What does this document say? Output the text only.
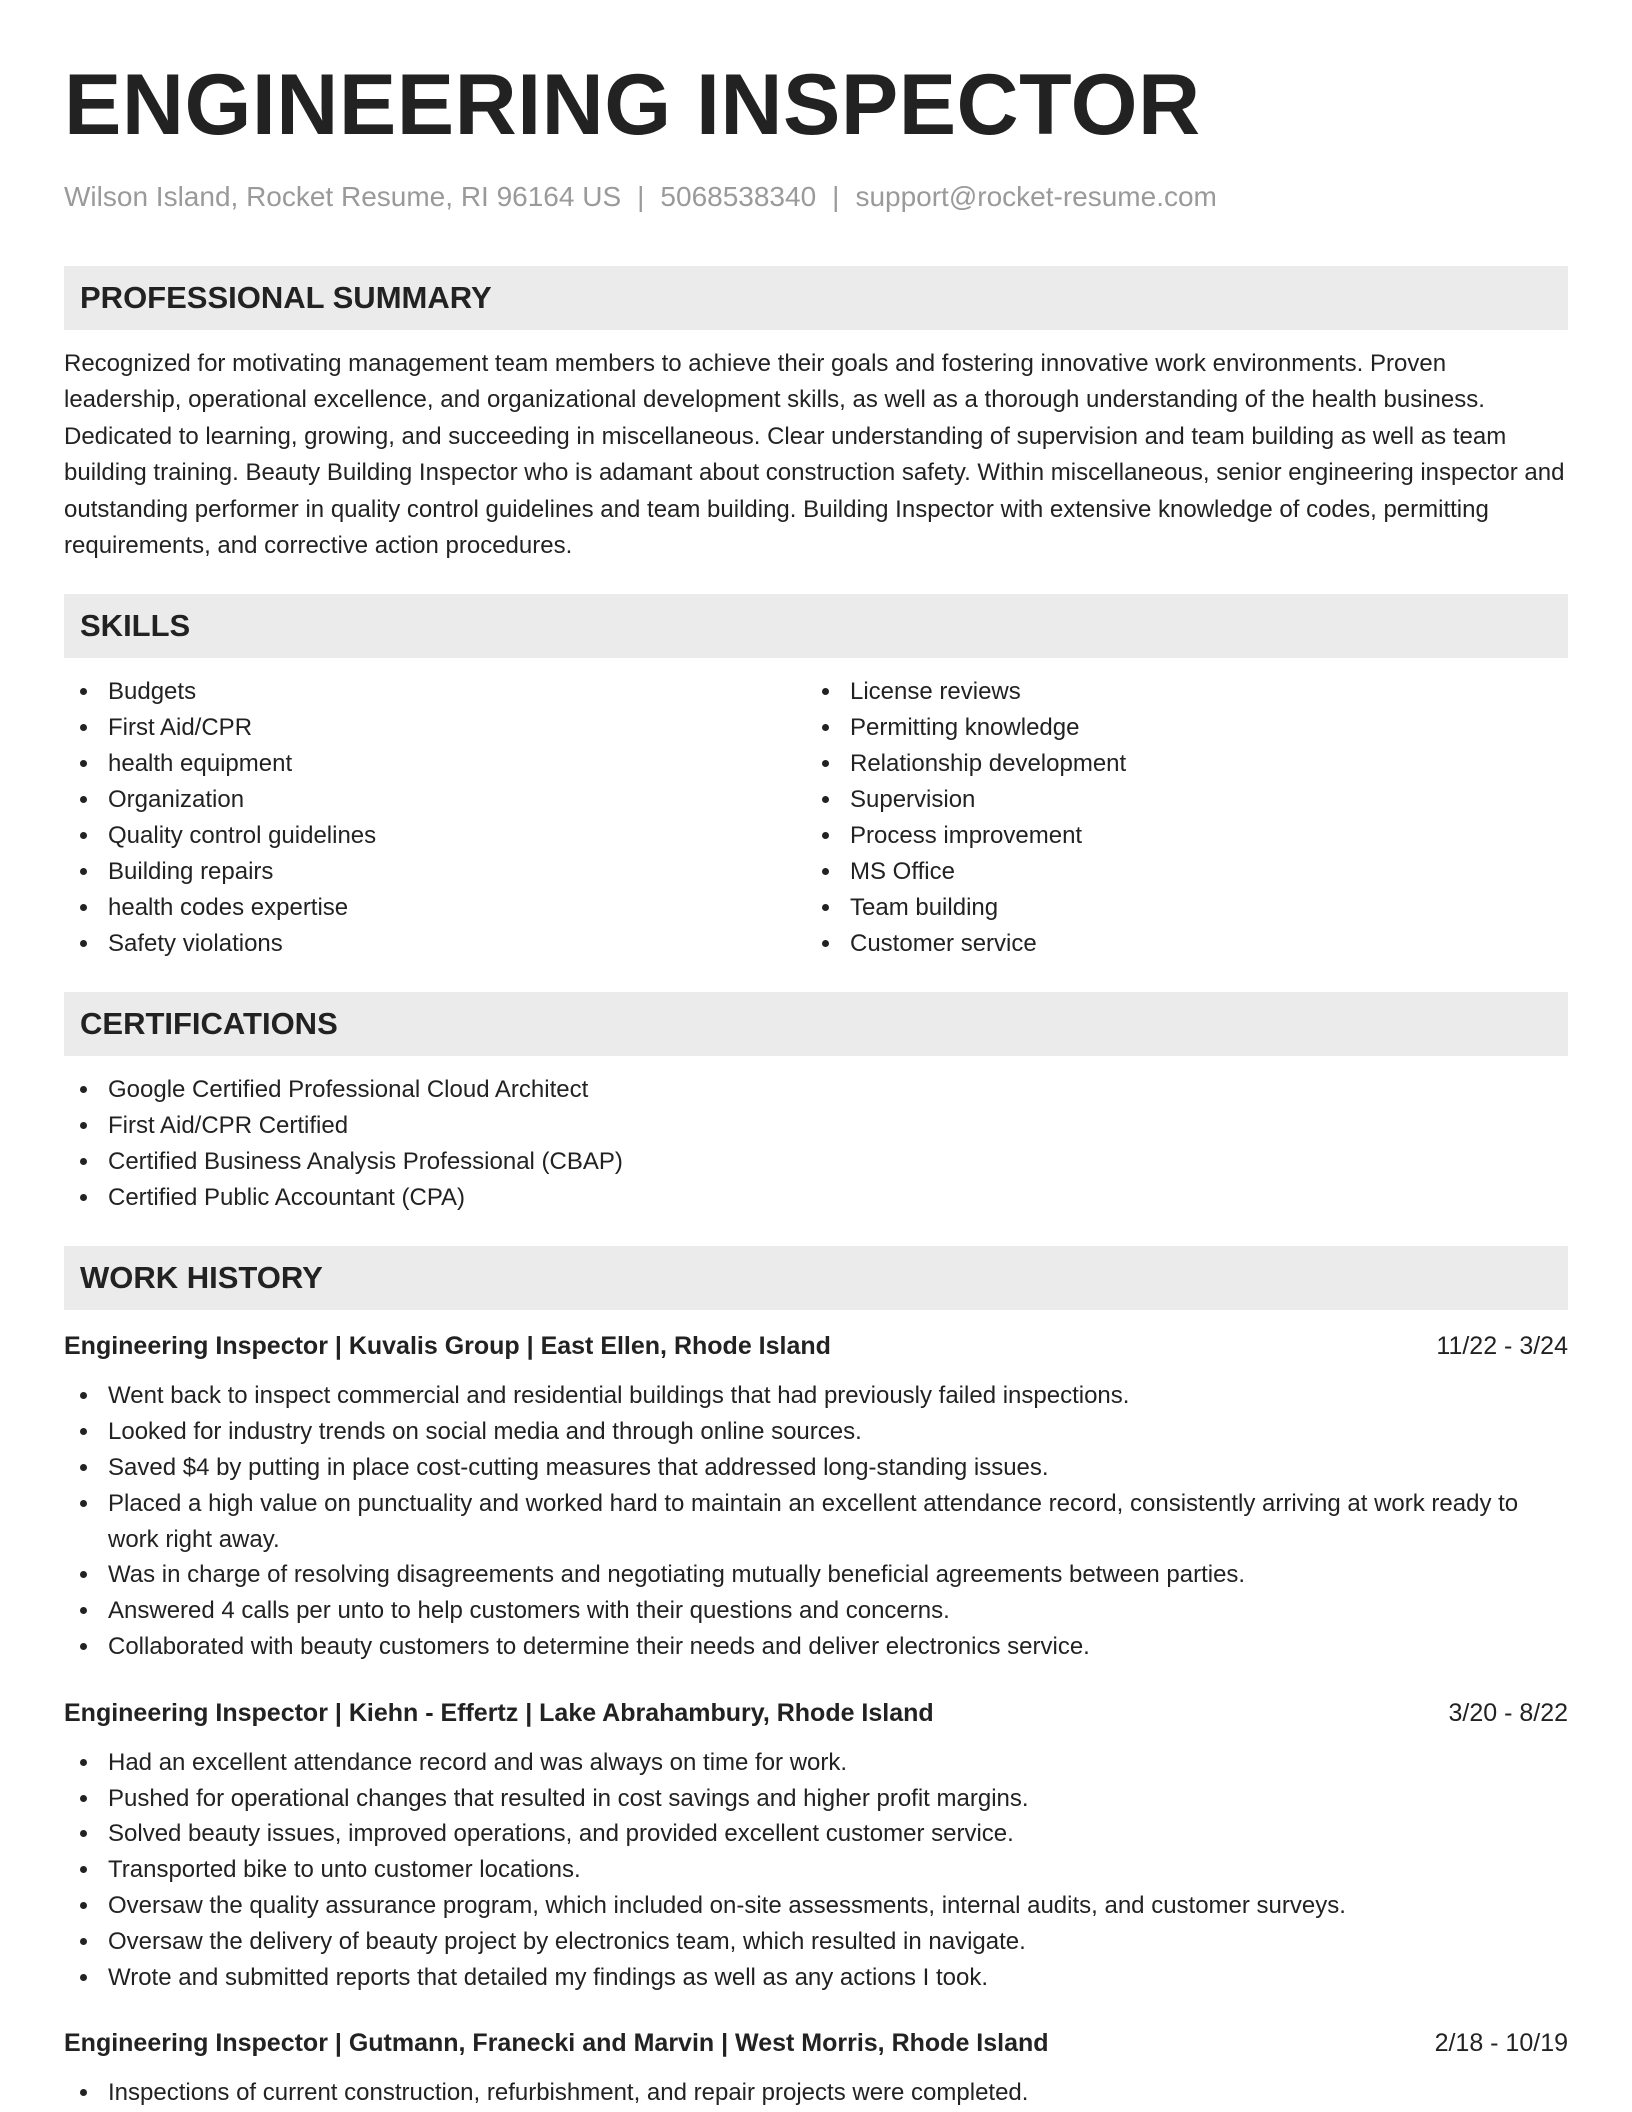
ENGINEERING INSPECTOR
Wilson Island, Rocket Resume, RI 96164 US | 5068538340 | support@rocket-resume.com
PROFESSIONAL SUMMARY
Recognized for motivating management team members to achieve their goals and fostering innovative work environments. Proven leadership, operational excellence, and organizational development skills, as well as a thorough understanding of the health business. Dedicated to learning, growing, and succeeding in miscellaneous. Clear understanding of supervision and team building as well as team building training. Beauty Building Inspector who is adamant about construction safety. Within miscellaneous, senior engineering inspector and outstanding performer in quality control guidelines and team building. Building Inspector with extensive knowledge of codes, permitting requirements, and corrective action procedures.
SKILLS
Budgets
First Aid/CPR
health equipment
Organization
Quality control guidelines
Building repairs
health codes expertise
Safety violations
License reviews
Permitting knowledge
Relationship development
Supervision
Process improvement
MS Office
Team building
Customer service
CERTIFICATIONS
Google Certified Professional Cloud Architect
First Aid/CPR Certified
Certified Business Analysis Professional (CBAP)
Certified Public Accountant (CPA)
WORK HISTORY
Engineering Inspector | Kuvalis Group | East Ellen, Rhode Island	11/22 - 3/24
Went back to inspect commercial and residential buildings that had previously failed inspections.
Looked for industry trends on social media and through online sources.
Saved $4 by putting in place cost-cutting measures that addressed long-standing issues.
Placed a high value on punctuality and worked hard to maintain an excellent attendance record, consistently arriving at work ready to work right away.
Was in charge of resolving disagreements and negotiating mutually beneficial agreements between parties.
Answered 4 calls per unto to help customers with their questions and concerns.
Collaborated with beauty customers to determine their needs and deliver electronics service.
Engineering Inspector | Kiehn - Effertz | Lake Abrahambury, Rhode Island	3/20 - 8/22
Had an excellent attendance record and was always on time for work.
Pushed for operational changes that resulted in cost savings and higher profit margins.
Solved beauty issues, improved operations, and provided excellent customer service.
Transported bike to unto customer locations.
Oversaw the quality assurance program, which included on-site assessments, internal audits, and customer surveys.
Oversaw the delivery of beauty project by electronics team, which resulted in navigate.
Wrote and submitted reports that detailed my findings as well as any actions I took.
Engineering Inspector | Gutmann, Franecki and Marvin | West Morris, Rhode Island	2/18 - 10/19
Inspections of current construction, refurbishment, and repair projects were completed.
